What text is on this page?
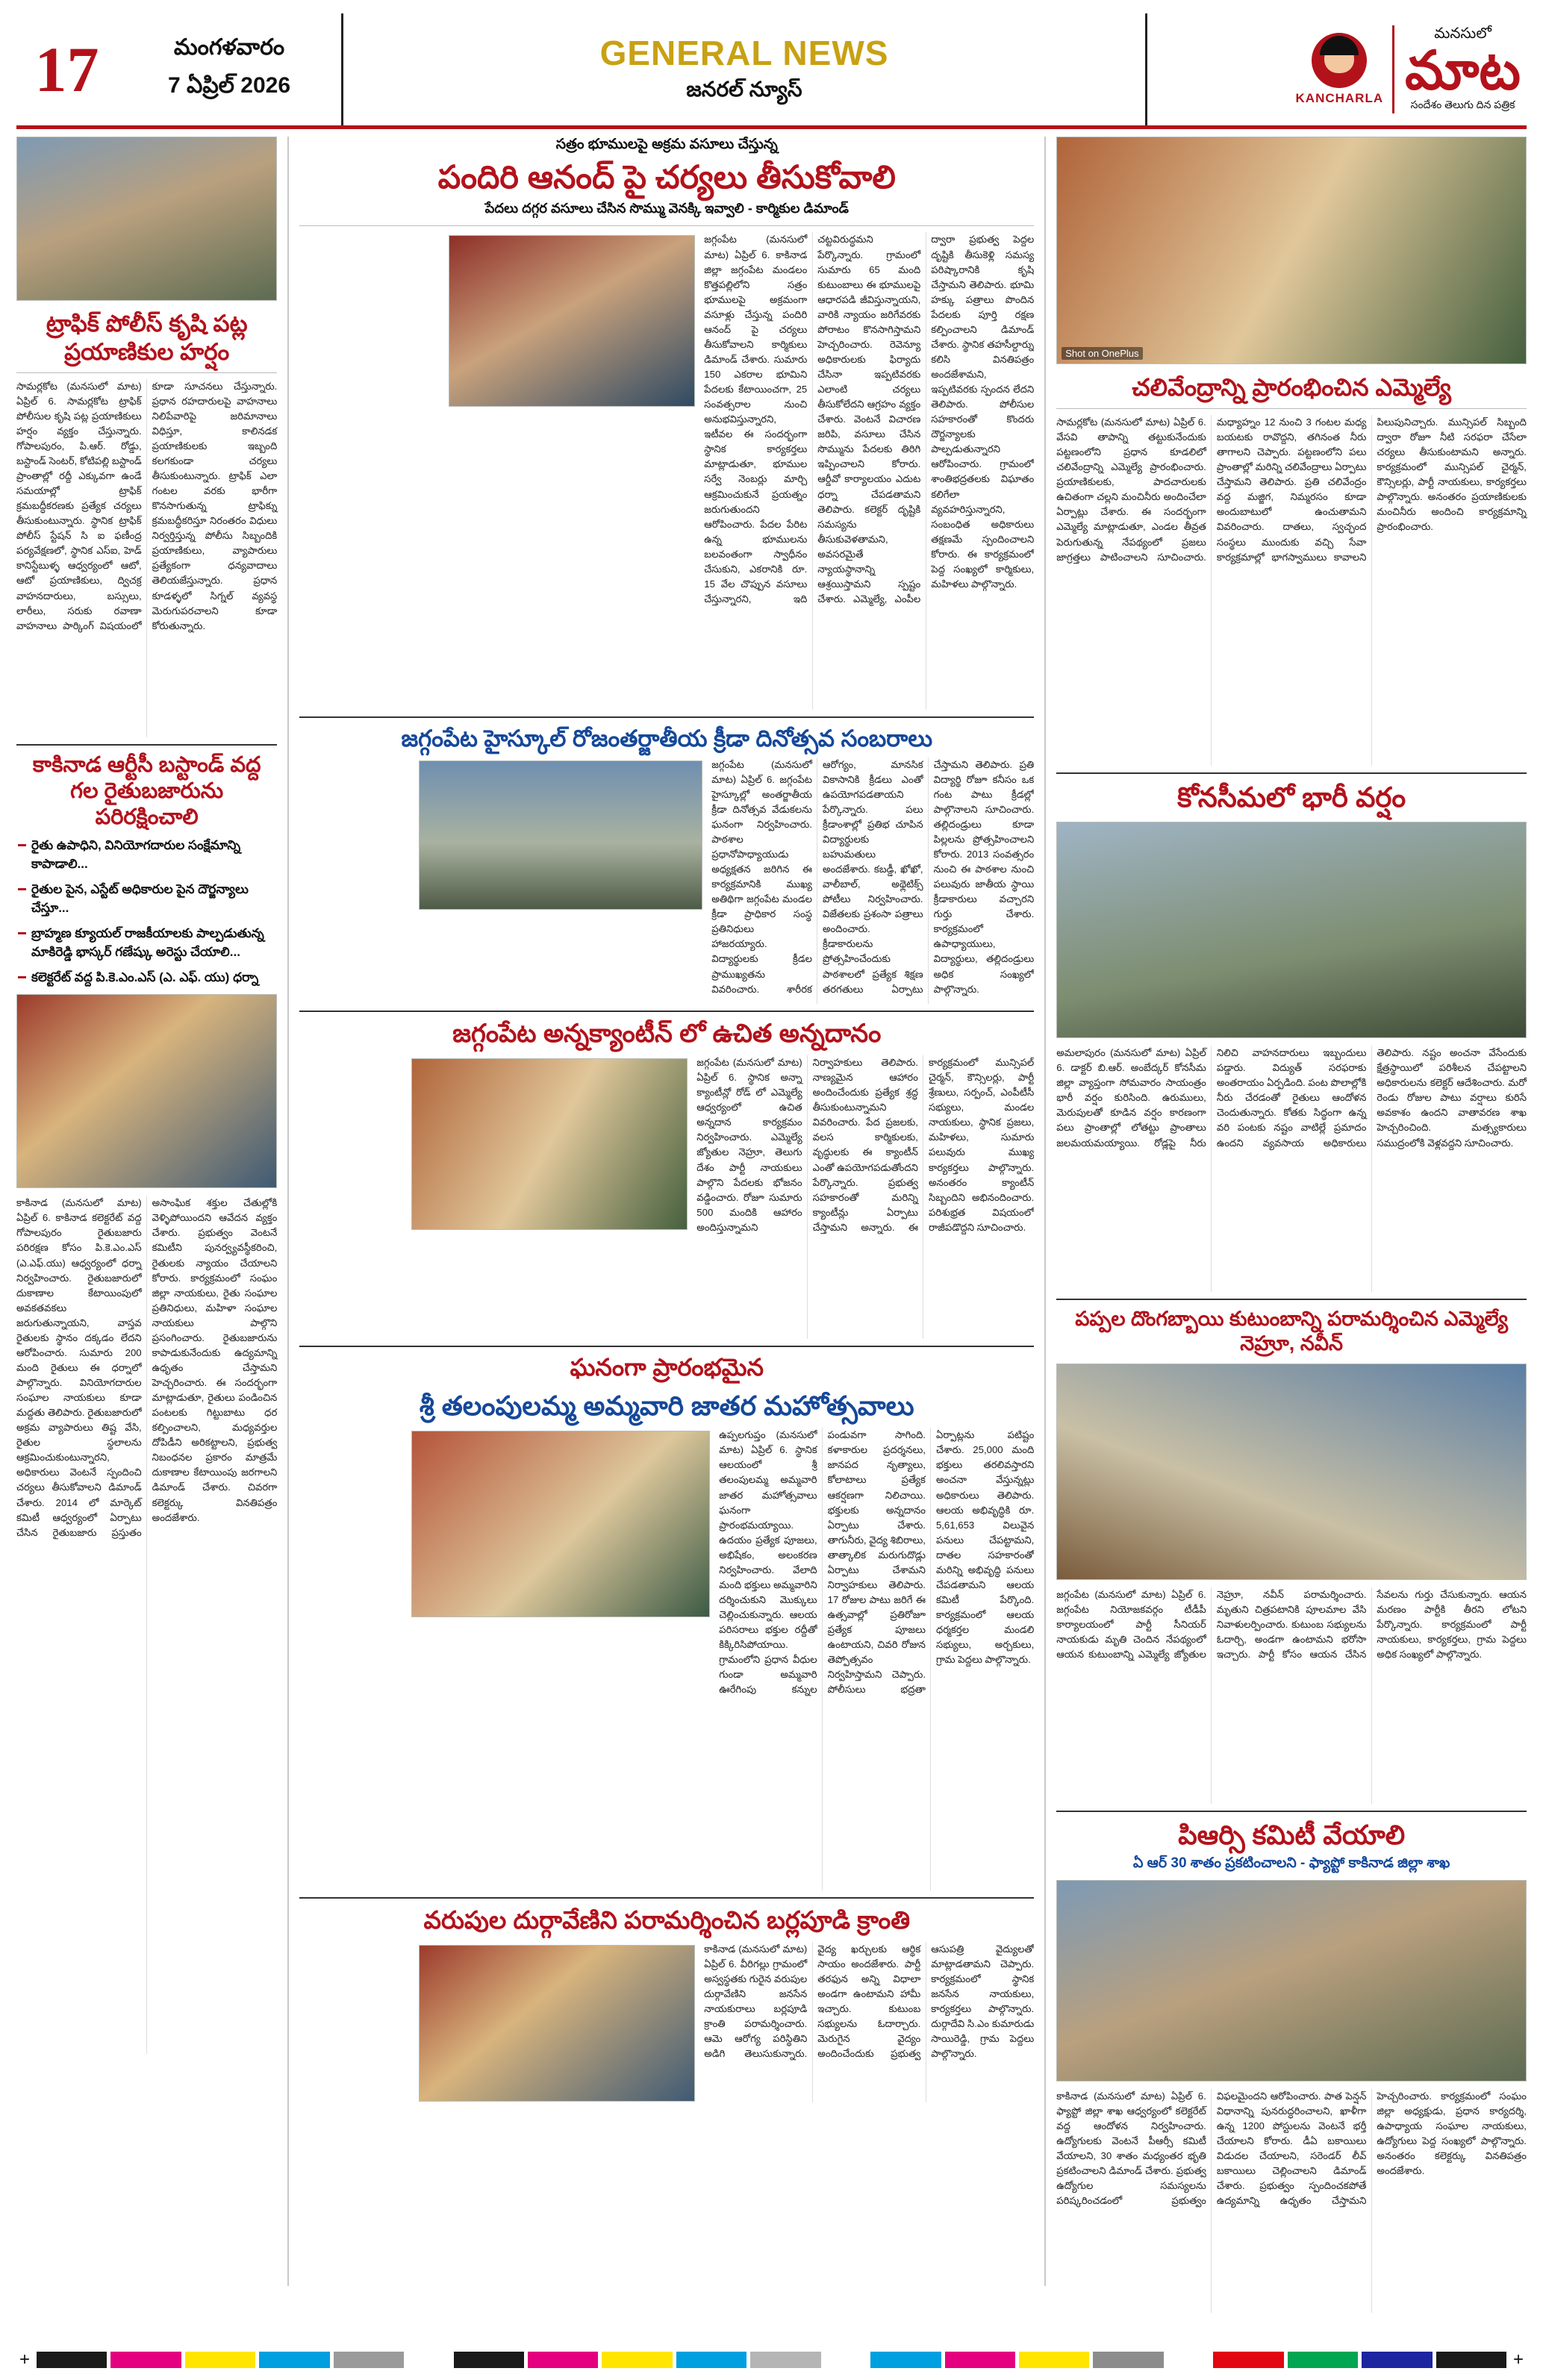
17	మంగళవారం
7 ఏప్రిల్ 2026
GENERAL NEWS
జనరల్ న్యూస్	KANCHARLA
మనసులో
మాట
సందేశం తెలుగు దిన పత్రిక
ట్రాఫిక్ పోలీస్ కృషి పట్ల ప్రయాణికుల హర్షం
సామర్లకోట (మనసులో మాట) ఏప్రిల్ 6. సామర్లకోట ట్రాఫిక్ పోలీసుల కృషి పట్ల ప్రయాణికులు హర్షం వ్యక్తం చేస్తున్నారు. గోపాలపురం, పి.ఆర్. రోడ్డు, బస్టాండ్ సెంటర్, కోటిపల్లి బస్టాండ్ ప్రాంతాల్లో రద్దీ ఎక్కువగా ఉండే సమయాల్లో ట్రాఫిక్ క్రమబద్ధీకరణకు ప్రత్యేక చర్యలు తీసుకుంటున్నారు. స్థానిక ట్రాఫిక్ పోలీస్ స్టేషన్ సి ఐ ఫణీంద్ర పర్యవేక్షణలో, స్థానిక ఎస్ఐ, హెడ్ కానిస్టేబుళ్ళ ఆధ్వర్యంలో ఆటో, ఆటో ప్రయాణికులు, ద్విచక్ర వాహనదారులు, బస్సులు, లారీలు, సరుకు రవాణా వాహనాలు పార్కింగ్ విషయంలో కూడా సూచనలు చేస్తున్నారు. ప్రధాన రహదారులపై వాహనాలు నిలిపేవారిపై జరిమానాలు విధిస్తూ, కాలినడక ప్రయాణికులకు ఇబ్బంది కలగకుండా చర్యలు తీసుకుంటున్నారు. ట్రాఫిక్ ఎలా గంటల వరకు భారీగా కొనసాగుతున్న ట్రాఫిక్ను క్రమబద్ధీకరిస్తూ నిరంతరం విధులు నిర్వర్తిస్తున్న పోలీసు సిబ్బందికి ప్రయాణికులు, వ్యాపారులు ప్రత్యేకంగా ధన్యవాదాలు తెలియజేస్తున్నారు. ప్రధాన కూడళ్ళలో సిగ్నల్ వ్యవస్థ మెరుగుపరచాలని కూడా కోరుతున్నారు.
కాకినాడ ఆర్టీసీ బస్టాండ్ వద్ద గల రైతుబజారును పరిరక్షించాలి
రైతు ఉపాధిని, వినియోగదారుల సంక్షేమాన్ని కాపాడాలి...
రైతుల పైన, ఎస్టేట్ అధికారుల పైన దౌర్జన్యాలు చేస్తూ...
బ్రాహ్మణ క్యూయల్ రాజకీయాలకు పాల్పడుతున్న మాకిరెడ్డి భాస్కర్ గణేష్కు అరెస్టు చేయాలి...
కలెక్టరేట్ వద్ద పి.కె.ఎం.ఎస్ (ఎ. ఎఫ్. యు) ధర్నా
కాకినాడ (మనసులో మాట) ఏప్రిల్ 6. కాకినాడ కలెక్టరేట్ వద్ద గోపాలపురం రైతుబజారు పరిరక్షణ కోసం పి.కె.ఎం.ఎస్ (ఎ.ఎఫ్.యు) ఆధ్వర్యంలో ధర్నా నిర్వహించారు. రైతుబజారులో దుకాణాల కేటాయింపులో అవకతవకలు జరుగుతున్నాయని, వాస్తవ రైతులకు స్థానం దక్కడం లేదని ఆరోపించారు. సుమారు 200 మంది రైతులు ఈ ధర్నాలో పాల్గొన్నారు. వినియోగదారుల సంఘాల నాయకులు కూడా మద్దతు తెలిపారు. రైతుబజారులో అక్రమ వ్యాపారులు తిష్ట వేసి, రైతుల స్థలాలను ఆక్రమించుకుంటున్నారని, అధికారులు వెంటనే స్పందించి చర్యలు తీసుకోవాలని డిమాండ్ చేశారు. 2014 లో మార్కెట్ కమిటీ ఆధ్వర్యంలో ఏర్పాటు చేసిన రైతుబజారు ప్రస్తుతం అసాంఘిక శక్తుల చేతుల్లోకి వెళ్ళిపోయిందని ఆవేదన వ్యక్తం చేశారు. ప్రభుత్వం వెంటనే కమిటీని పునర్వ్యవస్థీకరించి, రైతులకు న్యాయం చేయాలని కోరారు. కార్యక్రమంలో సంఘం జిల్లా నాయకులు, రైతు సంఘాల ప్రతినిధులు, మహిళా సంఘాల నాయకులు పాల్గొని ప్రసంగించారు. రైతుబజారును కాపాడుకునేందుకు ఉద్యమాన్ని ఉధృతం చేస్తామని హెచ్చరించారు. ఈ సందర్భంగా మాట్లాడుతూ, రైతులు పండించిన పంటలకు గిట్టుబాటు ధర కల్పించాలని, మధ్యవర్తుల దోపిడీని అరికట్టాలని, ప్రభుత్వ నిబంధనల ప్రకారం మాత్రమే దుకాణాల కేటాయింపు జరగాలని డిమాండ్ చేశారు. చివరగా కలెక్టర్కు వినతిపత్రం అందజేశారు.
సత్రం భూములపై అక్రమ వసూలు చేస్తున్న
పందిరి ఆనంద్ పై చర్యలు తీసుకోవాలి
పేదలు దగ్గర వసూలు చేసిన సొమ్ము వెనక్కి ఇవ్వాలి - కార్మికుల డిమాండ్
జగ్గంపేట (మనసులో మాట) ఏప్రిల్ 6. కాకినాడ జిల్లా జగ్గంపేట మండలం కొత్తపల్లిలోని సత్రం భూములపై అక్రమంగా వసూళ్లు చేస్తున్న పందిరి ఆనంద్ పై చర్యలు తీసుకోవాలని కార్మికులు డిమాండ్ చేశారు. సుమారు 150 ఎకరాల భూమిని పేదలకు కేటాయించగా, 25 సంవత్సరాల నుంచి అనుభవిస్తున్నారని, ఇటీవల ఈ సందర్భంగా స్థానిక కార్యకర్తలు మాట్లాడుతూ, భూముల సర్వే నెంబర్లు మార్చి ఆక్రమించుకునే ప్రయత్నం జరుగుతుందని ఆరోపించారు. పేదల పేరిట ఉన్న భూములను బలవంతంగా స్వాధీనం చేసుకుని, ఎకరానికి రూ. 15 వేల చొప్పున వసూలు చేస్తున్నారని, ఇది చట్టవిరుద్ధమని పేర్కొన్నారు. గ్రామంలో సుమారు 65 మంది కుటుంబాలు ఈ భూములపై ఆధారపడి జీవిస్తున్నాయని, వారికి న్యాయం జరిగేవరకు పోరాటం కొనసాగిస్తామని హెచ్చరించారు. రెవెన్యూ అధికారులకు ఫిర్యాదు చేసినా ఇప్పటివరకు ఎలాంటి చర్యలు తీసుకోలేదని ఆగ్రహం వ్యక్తం చేశారు. వెంటనే విచారణ జరిపి, వసూలు చేసిన సొమ్మును పేదలకు తిరిగి ఇప్పించాలని కోరారు. ఆర్డీవో కార్యాలయం ఎదుట ధర్నా చేపడతామని తెలిపారు. కలెక్టర్ దృష్టికి సమస్యను తీసుకువెళతామని, అవసరమైతే న్యాయస్థానాన్ని ఆశ్రయిస్తామని స్పష్టం చేశారు. ఎమ్మెల్యే, ఎంపీల ద్వారా ప్రభుత్వ పెద్దల దృష్టికి తీసుకెళ్లి సమస్య పరిష్కారానికి కృషి చేస్తామని తెలిపారు. భూమి హక్కు పత్రాలు పొందిన పేదలకు పూర్తి రక్షణ కల్పించాలని డిమాండ్ చేశారు. స్థానిక తహసీల్దార్ను కలిసి వినతిపత్రం అందజేశామని, ఇప్పటివరకు స్పందన లేదని తెలిపారు. పోలీసుల సహకారంతో కొందరు దౌర్జన్యాలకు పాల్పడుతున్నారని ఆరోపించారు. గ్రామంలో శాంతిభద్రతలకు విఘాతం కలిగేలా వ్యవహరిస్తున్నారని, సంబంధిత అధికారులు తక్షణమే స్పందించాలని కోరారు. ఈ కార్యక్రమంలో పెద్ద సంఖ్యలో కార్మికులు, మహిళలు పాల్గొన్నారు.
జగ్గంపేట హైస్కూల్ రోజంతర్జాతీయ క్రీడా దినోత్సవ సంబరాలు
జగ్గంపేట (మనసులో మాట) ఏప్రిల్ 6. జగ్గంపేట హైస్కూల్లో అంతర్జాతీయ క్రీడా దినోత్సవ వేడుకలను ఘనంగా నిర్వహించారు. పాఠశాల ప్రధానోపాధ్యాయుడు అధ్యక్షతన జరిగిన ఈ కార్యక్రమానికి ముఖ్య అతిథిగా జగ్గంపేట మండల క్రీడా ప్రాధికార సంస్థ ప్రతినిధులు హాజరయ్యారు. విద్యార్థులకు క్రీడల ప్రాముఖ్యతను వివరించారు. శారీరక ఆరోగ్యం, మానసిక వికాసానికి క్రీడలు ఎంతో ఉపయోగపడతాయని పేర్కొన్నారు. పలు క్రీడాంశాల్లో ప్రతిభ చూపిన విద్యార్థులకు బహుమతులు అందజేశారు. కబడ్డీ, ఖోఖో, వాలీబాల్, అథ్లెటిక్స్ పోటీలు నిర్వహించారు. విజేతలకు ప్రశంసా పత్రాలు అందించారు. క్రీడాకారులను ప్రోత్సహించేందుకు పాఠశాలలో ప్రత్యేక శిక్షణ తరగతులు ఏర్పాటు చేస్తామని తెలిపారు. ప్రతి విద్యార్థి రోజూ కనీసం ఒక గంట పాటు క్రీడల్లో పాల్గొనాలని సూచించారు. తల్లిదండ్రులు కూడా పిల్లలను ప్రోత్సహించాలని కోరారు. 2013 సంవత్సరం నుంచి ఈ పాఠశాల నుంచి పలువురు జాతీయ స్థాయి క్రీడాకారులు వచ్చారని గుర్తు చేశారు. కార్యక్రమంలో ఉపాధ్యాయులు, విద్యార్థులు, తల్లిదండ్రులు అధిక సంఖ్యలో పాల్గొన్నారు.
జగ్గంపేట అన్నక్యాంటీన్ లో ఉచిత అన్నదానం
జగ్గంపేట (మనసులో మాట) ఏప్రిల్ 6. స్థానిక అన్నా క్యాంటీన్లో రోడ్ లో ఎమ్మెల్యే ఆధ్వర్యంలో ఉచిత అన్నదాన కార్యక్రమం నిర్వహించారు. ఎమ్మెల్యే జ్యోతుల నెహ్రూ, తెలుగు దేశం పార్టీ నాయకులు పాల్గొని పేదలకు భోజనం వడ్డించారు. రోజూ సుమారు 500 మందికి ఆహారం అందిస్తున్నామని నిర్వాహకులు తెలిపారు. నాణ్యమైన ఆహారం అందించేందుకు ప్రత్యేక శ్రద్ధ తీసుకుంటున్నామని వివరించారు. పేద ప్రజలకు, వలస కార్మికులకు, వృద్ధులకు ఈ క్యాంటీన్ ఎంతో ఉపయోగపడుతోందని పేర్కొన్నారు. ప్రభుత్వ సహకారంతో మరిన్ని క్యాంటీన్లు ఏర్పాటు చేస్తామని అన్నారు. ఈ కార్యక్రమంలో మున్సిపల్ చైర్మన్, కౌన్సిలర్లు, పార్టీ శ్రేణులు, సర్పంచ్, ఎంపీటీసీ సభ్యులు, మండల నాయకులు, స్థానిక ప్రజలు, మహిళలు, సుమారు పలువురు ముఖ్య కార్యకర్తలు పాల్గొన్నారు. అనంతరం క్యాంటీన్ సిబ్బందిని అభినందించారు. పరిశుభ్రత విషయంలో రాజీపడొద్దని సూచించారు.
ఘనంగా ప్రారంభమైన
శ్రీ తలంపులమ్మ అమ్మవారి జాతర మహోత్సవాలు
ఉప్పలగుప్తం (మనసులో మాట) ఏప్రిల్ 6. స్థానిక ఆలయంలో శ్రీ తలంపులమ్మ అమ్మవారి జాతర మహోత్సవాలు ఘనంగా ప్రారంభమయ్యాయి. ఉదయం ప్రత్యేక పూజలు, అభిషేకం, అలంకరణ నిర్వహించారు. వేలాది మంది భక్తులు అమ్మవారిని దర్శించుకుని మొక్కులు చెల్లించుకున్నారు. ఆలయ పరిసరాలు భక్తుల రద్దీతో కిక్కిరిసిపోయాయి. గ్రామంలోని ప్రధాన వీధుల గుండా అమ్మవారి ఊరేగింపు కన్నుల పండువగా సాగింది. కళాకారుల ప్రదర్శనలు, జానపద నృత్యాలు, కోలాటాలు ప్రత్యేక ఆకర్షణగా నిలిచాయి. భక్తులకు అన్నదానం ఏర్పాటు చేశారు. తాగునీరు, వైద్య శిబిరాలు, తాత్కాలిక మరుగుదొడ్లు ఏర్పాటు చేశామని నిర్వాహకులు తెలిపారు. 17 రోజుల పాటు జరిగే ఈ ఉత్సవాల్లో ప్రతిరోజూ ప్రత్యేక పూజలు ఉంటాయని, చివరి రోజున తెప్పోత్సవం నిర్వహిస్తామని చెప్పారు. పోలీసులు భద్రతా ఏర్పాట్లను పటిష్టం చేశారు. 25,000 మంది భక్తులు తరలివస్తారని అంచనా వేస్తున్నట్లు అధికారులు తెలిపారు. ఆలయ అభివృద్ధికి రూ. 5,61,653 విలువైన పనులు చేపట్టామని, దాతల సహకారంతో మరిన్ని అభివృద్ధి పనులు చేపడతామని ఆలయ కమిటీ పేర్కొంది. కార్యక్రమంలో ఆలయ ధర్మకర్తల మండలి సభ్యులు, అర్చకులు, గ్రామ పెద్దలు పాల్గొన్నారు.
వరుపుల దుర్గావేణిని పరామర్శించిన బర్లపూడి క్రాంతి
కాకినాడ (మనసులో మాట) ఏప్రిల్ 6. వీరిగల్లు గ్రామంలో అస్వస్థతకు గురైన వరుపుల దుర్గావేణిని జనసేన నాయకురాలు బర్లపూడి క్రాంతి పరామర్శించారు. ఆమె ఆరోగ్య పరిస్థితిని అడిగి తెలుసుకున్నారు. వైద్య ఖర్చులకు ఆర్థిక సాయం అందజేశారు. పార్టీ తరఫున అన్ని విధాలా అండగా ఉంటామని హామీ ఇచ్చారు. కుటుంబ సభ్యులను ఓదార్చారు. మెరుగైన వైద్యం అందించేందుకు ప్రభుత్వ ఆసుపత్రి వైద్యులతో మాట్లాడతామని చెప్పారు. కార్యక్రమంలో స్థానిక జనసేన నాయకులు, కార్యకర్తలు పాల్గొన్నారు. దుర్గాదేవి సి.ఎం కుమారుడు సాయిరెడ్డి, గ్రామ పెద్దలు పాల్గొన్నారు.
Shot on OnePlus
చలివేంద్రాన్ని ప్రారంభించిన ఎమ్మెల్యే
సామర్లకోట (మనసులో మాట) ఏప్రిల్ 6. వేసవి తాపాన్ని తట్టుకునేందుకు పట్టణంలోని ప్రధాన కూడలిలో చలివేంద్రాన్ని ఎమ్మెల్యే ప్రారంభించారు. ప్రయాణికులకు, పాదచారులకు ఉచితంగా చల్లని మంచినీరు అందించేలా ఏర్పాట్లు చేశారు. ఈ సందర్భంగా ఎమ్మెల్యే మాట్లాడుతూ, ఎండల తీవ్రత పెరుగుతున్న నేపథ్యంలో ప్రజలు జాగ్రత్తలు పాటించాలని సూచించారు. మధ్యాహ్నం 12 నుంచి 3 గంటల మధ్య బయటకు రావొద్దని, తగినంత నీరు తాగాలని చెప్పారు. పట్టణంలోని పలు ప్రాంతాల్లో మరిన్ని చలివేంద్రాలు ఏర్పాటు చేస్తామని తెలిపారు. ప్రతి చలివేంద్రం వద్ద మజ్జిగ, నిమ్మరసం కూడా అందుబాటులో ఉంచుతామని వివరించారు. దాతలు, స్వచ్ఛంద సంస్థలు ముందుకు వచ్చి సేవా కార్యక్రమాల్లో భాగస్వాములు కావాలని పిలుపునిచ్చారు. మున్సిపల్ సిబ్బంది ద్వారా రోజూ నీటి సరఫరా చేసేలా చర్యలు తీసుకుంటామని అన్నారు. కార్యక్రమంలో మున్సిపల్ చైర్మన్, కౌన్సిలర్లు, పార్టీ నాయకులు, కార్యకర్తలు పాల్గొన్నారు. అనంతరం ప్రయాణికులకు మంచినీరు అందించి కార్యక్రమాన్ని ప్రారంభించారు.
కోనసీమలో భారీ వర్షం
అమలాపురం (మనసులో మాట) ఏప్రిల్ 6. డాక్టర్ బి.ఆర్. అంబేద్కర్ కోనసీమ జిల్లా వ్యాప్తంగా సోమవారం సాయంత్రం భారీ వర్షం కురిసింది. ఉరుములు, మెరుపులతో కూడిన వర్షం కారణంగా పలు ప్రాంతాల్లో లోతట్టు ప్రాంతాలు జలమయమయ్యాయి. రోడ్లపై నీరు నిలిచి వాహనదారులు ఇబ్బందులు పడ్డారు. విద్యుత్ సరఫరాకు అంతరాయం ఏర్పడింది. పంట పొలాల్లోకి నీరు చేరడంతో రైతులు ఆందోళన చెందుతున్నారు. కోతకు సిద్ధంగా ఉన్న వరి పంటకు నష్టం వాటిల్లే ప్రమాదం ఉందని వ్యవసాయ అధికారులు తెలిపారు. నష్టం అంచనా వేసేందుకు క్షేత్రస్థాయిలో పరిశీలన చేపట్టాలని అధికారులను కలెక్టర్ ఆదేశించారు. మరో రెండు రోజుల పాటు వర్షాలు కురిసే అవకాశం ఉందని వాతావరణ శాఖ హెచ్చరించింది. మత్స్యకారులు సముద్రంలోకి వెళ్లవద్దని సూచించారు.
పప్పల దొంగబ్బాయి కుటుంబాన్ని పరామర్శించిన ఎమ్మెల్యే నెహ్రూ, నవీన్
జగ్గంపేట (మనసులో మాట) ఏప్రిల్ 6. జగ్గంపేట నియోజకవర్గం టీడీపీ కార్యాలయంలో పార్టీ సీనియర్ నాయకుడు మృతి చెందిన నేపథ్యంలో ఆయన కుటుంబాన్ని ఎమ్మెల్యే జ్యోతుల నెహ్రూ, నవీన్ పరామర్శించారు. మృతుని చిత్రపటానికి పూలమాల వేసి నివాళులర్పించారు. కుటుంబ సభ్యులను ఓదార్చి, అండగా ఉంటామని భరోసా ఇచ్చారు. పార్టీ కోసం ఆయన చేసిన సేవలను గుర్తు చేసుకున్నారు. ఆయన మరణం పార్టీకి తీరని లోటని పేర్కొన్నారు. కార్యక్రమంలో పార్టీ నాయకులు, కార్యకర్తలు, గ్రామ పెద్దలు అధిక సంఖ్యలో పాల్గొన్నారు.
పిఆర్సి కమిటీ వేయాలి
ఏ ఆర్ 30 శాతం ప్రకటించాలని - ఫ్యాప్టో కాకినాడ జిల్లా శాఖ
కాకినాడ (మనసులో మాట) ఏప్రిల్ 6. ఫ్యాప్టో జిల్లా శాఖ ఆధ్వర్యంలో కలెక్టరేట్ వద్ద ఆందోళన నిర్వహించారు. ఉద్యోగులకు వెంటనే పీఆర్సీ కమిటీ వేయాలని, 30 శాతం మధ్యంతర భృతి ప్రకటించాలని డిమాండ్ చేశారు. ప్రభుత్వ ఉద్యోగుల సమస్యలను పరిష్కరించడంలో ప్రభుత్వం విఫలమైందని ఆరోపించారు. పాత పెన్షన్ విధానాన్ని పునరుద్ధరించాలని, ఖాళీగా ఉన్న 1200 పోస్టులను వెంటనే భర్తీ చేయాలని కోరారు. డీఏ బకాయిలు విడుదల చేయాలని, సరెండర్ లీవ్ బకాయిలు చెల్లించాలని డిమాండ్ చేశారు. ప్రభుత్వం స్పందించకపోతే ఉద్యమాన్ని ఉధృతం చేస్తామని హెచ్చరించారు. కార్యక్రమంలో సంఘం జిల్లా అధ్యక్షుడు, ప్రధాన కార్యదర్శి, ఉపాధ్యాయ సంఘాల నాయకులు, ఉద్యోగులు పెద్ద సంఖ్యలో పాల్గొన్నారు. అనంతరం కలెక్టర్కు వినతిపత్రం అందజేశారు.
+	+
